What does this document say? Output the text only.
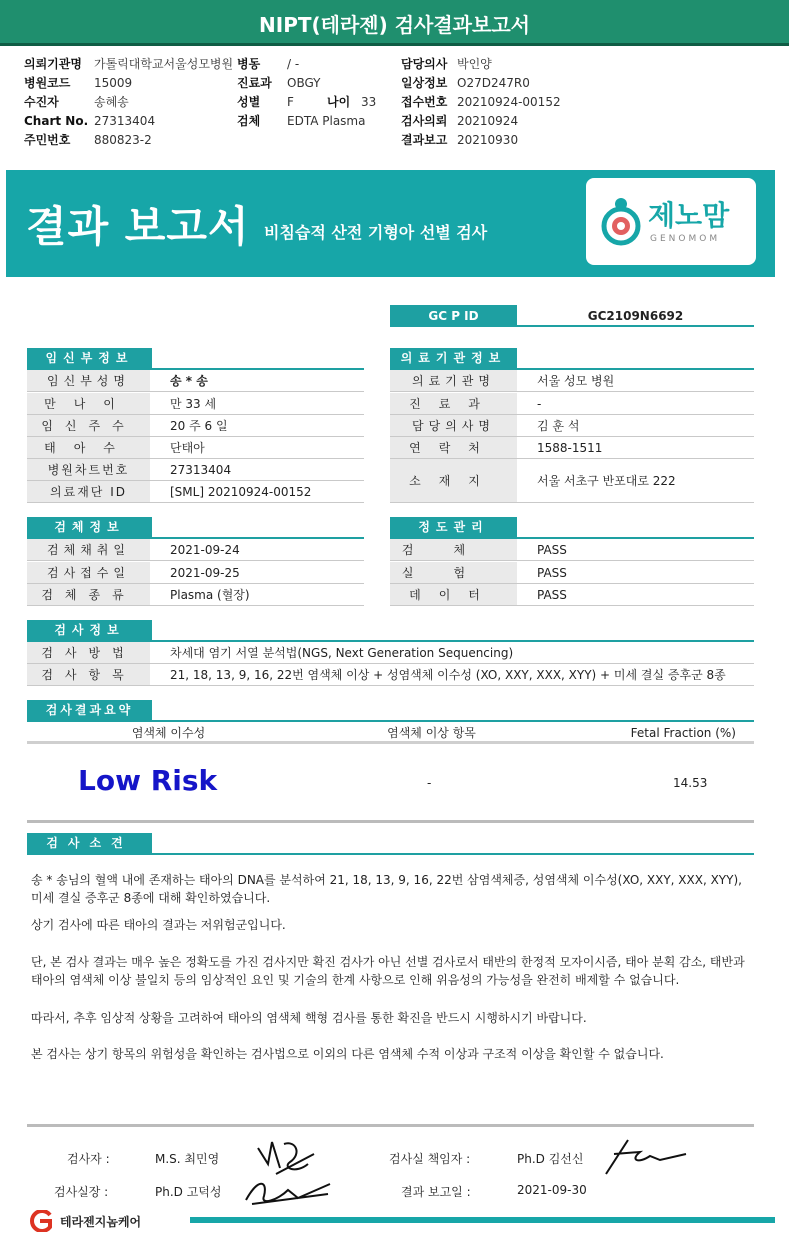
NIPT(테라젠) 검사결과보고서
의뢰기관명	가톨릭대학교서울성모병원
병원코드	15009
수진자	송혜송
Chart No. 27313404
주민번호	880823-2
병동	/ -
진료과	OBGY
성별	F	나이 33
검체	EDTA Plasma
담당의사 박인양
일상정보 O27D247R0
접수번호 20210924-00152
검사의뢰 20210924
결과보고 20210930
결과 보고서 비침습적 산전 기형아 선별 검사
제노맘
GENOMOM
GC P ID	GC2109N6692
임신부정보
임신부성명	송 * 송
만나이	만 33 세
임신주수	20 주 6 일
태아수	단태아
병원차트번호	27313404
의료재단 ID	[SML] 20210924-00152
의료기관정보
의료기관명	서울 성모 병원
진료과	-
담당의사명	김 훈 석
연락처	1588-1511
소재지	서울 서초구 반포대로 222
검체정보
검체채취일	2021-09-24
검사접수일	2021-09-25
검체종류	Plasma (혈장)
정도관리
검체	PASS
실험	PASS
데이터	PASS
검사정보
검사방법	차세대 염기 서열 분석법(NGS, Next Generation Sequencing)
검사항목	21, 18, 13, 9, 16, 22번 염색체 이상 + 성염색체 이수성 (XO, XXY, XXX, XYY) + 미세 결실 증후군 8종
검사결과요약
염색체 이수성	염색체 이상 항목	Fetal Fraction (%)
Low Risk	-	14.53
검사소견
송 * 송님의 혈액 내에 존재하는 태아의 DNA를 분석하여 21, 18, 13, 9, 16, 22번 삼염색체증, 성염색체 이수성(XO, XXY, XXX, XYY), 미세 결실 증후군 8종에 대해 확인하였습니다.
상기 검사에 따른 태아의 결과는 저위험군입니다.
단, 본 검사 결과는 매우 높은 정확도를 가진 검사지만 확진 검사가 아닌 선별 검사로서 태반의 한정적 모자이시즘, 태아 분획 감소, 태반과 태아의 염색체 이상 불일치 등의 임상적인 요인 및 기술의 한계 사항으로 인해 위음성의 가능성을 완전히 배제할 수 없습니다.
따라서, 추후 임상적 상황을 고려하여 태아의 염색체 핵형 검사를 통한 확진을 반드시 시행하시기 바랍니다.
본 검사는 상기 항목의 위험성을 확인하는 검사법으로 이외의 다른 염색체 수적 이상과 구조적 이상을 확인할 수 없습니다.
검사자 :	M.S. 최민영	검사실 책임자 :	Ph.D 김선신
검사실장 :	Ph.D 고덕성	결과 보고일 :	2021-09-30
테라젠지놈케어
